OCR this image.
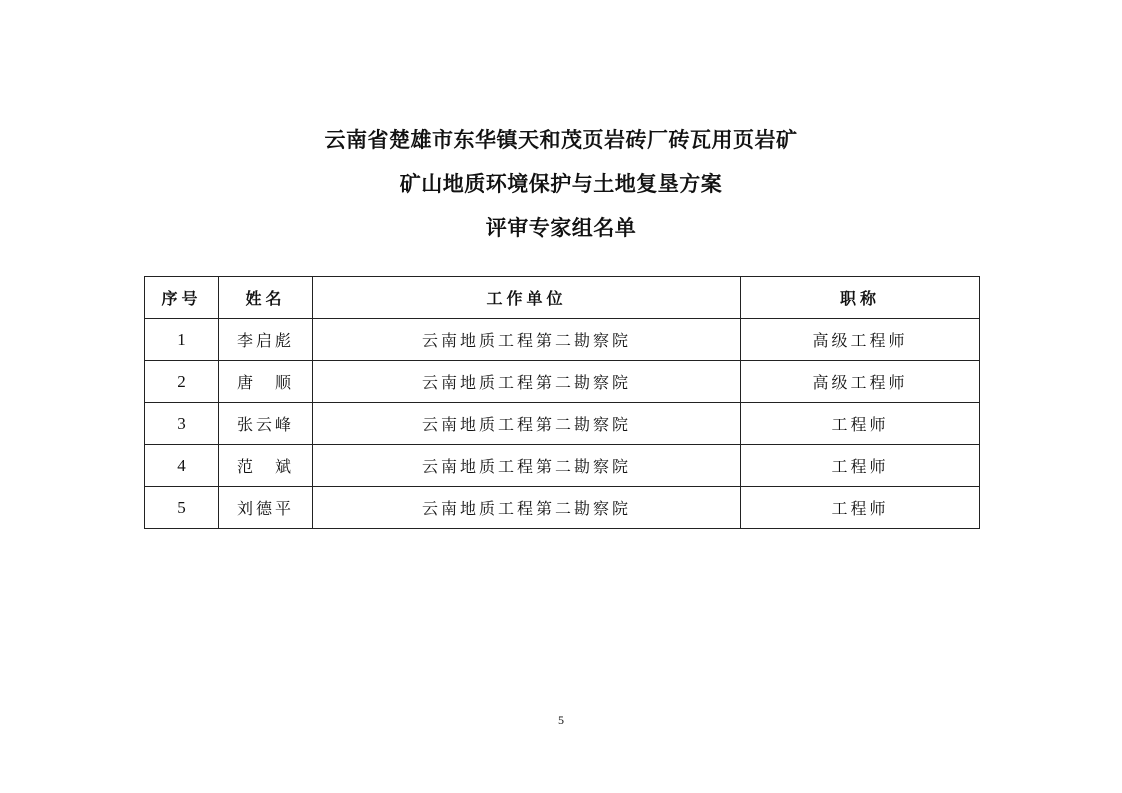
云南省楚雄市东华镇天和茂页岩砖厂砖瓦用页岩矿
矿山地质环境保护与土地复垦方案
评审专家组名单
序号	姓名	工作单位	职称
1	李启彪	云南地质工程第二勘察院	高级工程师
2	唐　顺	云南地质工程第二勘察院	高级工程师
3	张云峰	云南地质工程第二勘察院	工程师
4	范　斌	云南地质工程第二勘察院	工程师
5	刘德平	云南地质工程第二勘察院	工程师
5
